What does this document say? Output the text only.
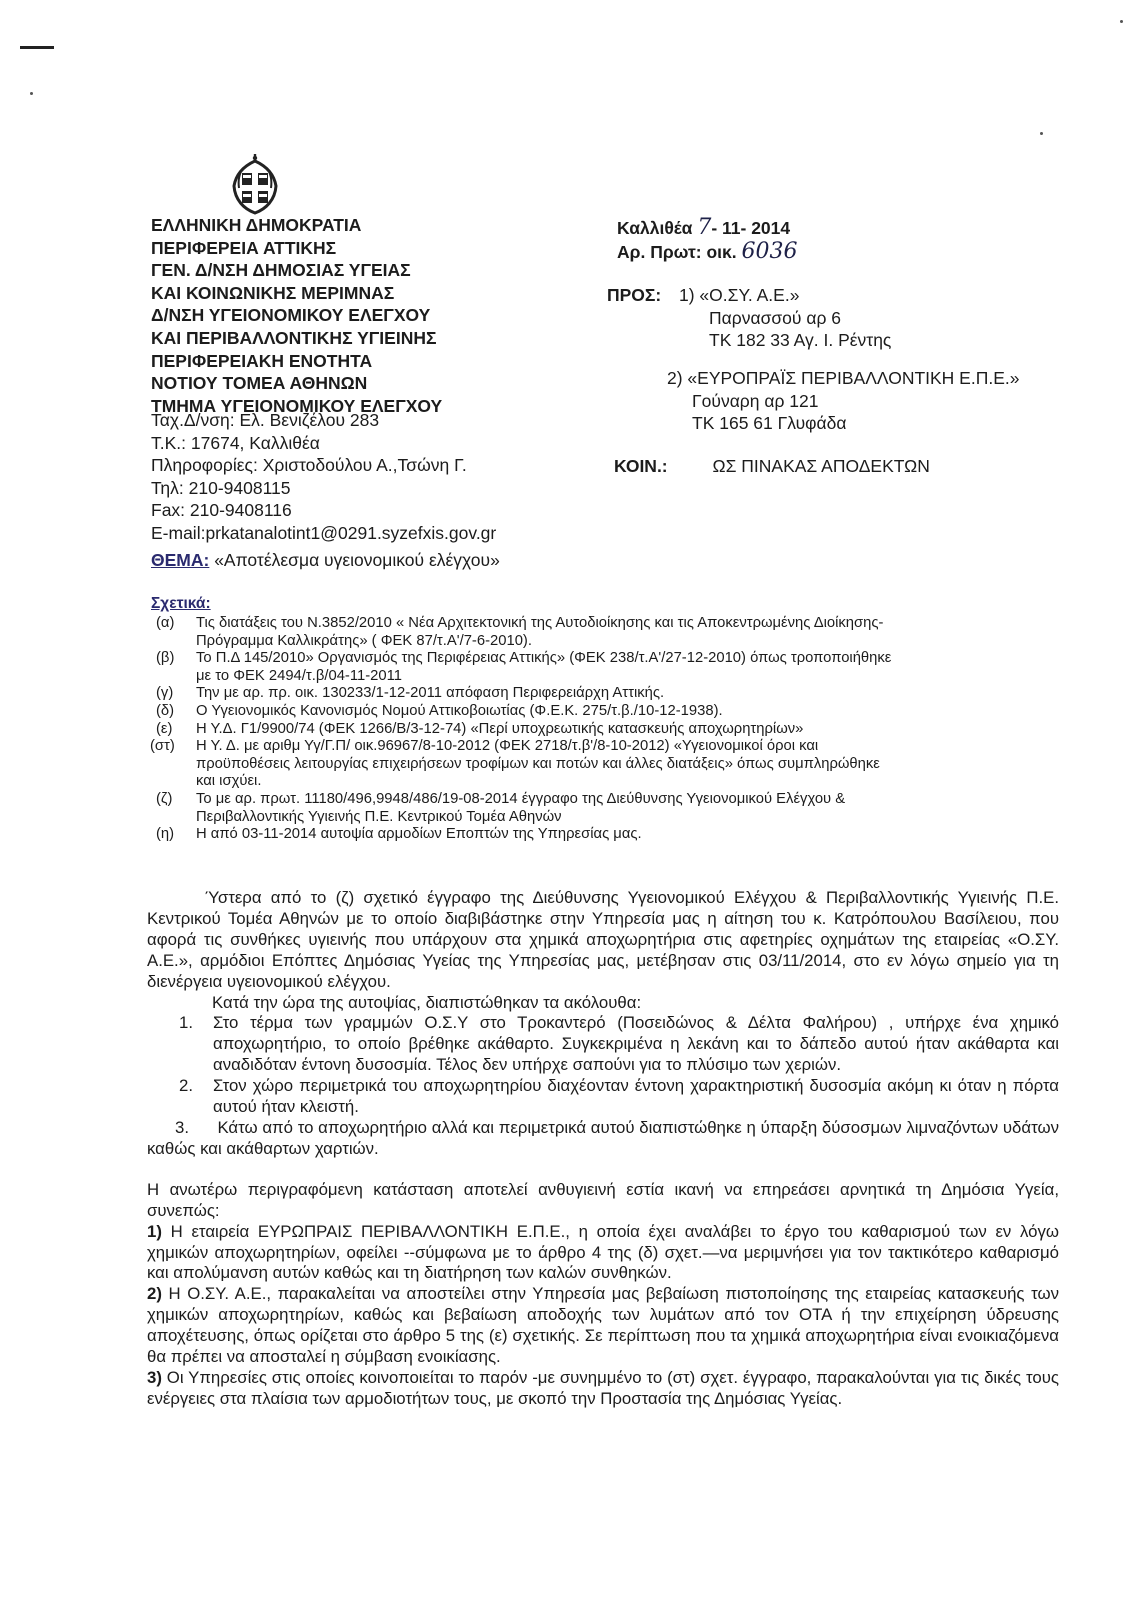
ΕΛΛΗΝΙΚΗ ΔΗΜΟΚΡΑΤΙΑ
ΠΕΡΙΦΕΡΕΙΑ ΑΤΤΙΚΗΣ
ΓΕΝ. Δ/ΝΣΗ ΔΗΜΟΣΙΑΣ ΥΓΕΙΑΣ
ΚΑΙ ΚΟΙΝΩΝΙΚΗΣ ΜΕΡΙΜΝΑΣ
Δ/ΝΣΗ ΥΓΕΙΟΝΟΜΙΚΟΥ ΕΛΕΓΧΟΥ
ΚΑΙ ΠΕΡΙΒΑΛΛΟΝΤΙΚΗΣ ΥΓΙΕΙΝΗΣ
ΠΕΡΙΦΕΡΕΙΑΚΗ ΕΝΟΤΗΤΑ
ΝΟΤΙΟΥ ΤΟΜΕΑ ΑΘΗΝΩΝ
ΤΜΗΜΑ ΥΓΕΙΟΝΟΜΙΚΟΥ ΕΛΕΓΧΟΥ
Ταχ.Δ/νση: Ελ. Βενιζέλου 283
Τ.Κ.: 17674, Καλλιθέα
Πληροφορίες: Χριστοδούλου Α.,Τσώνη Γ.
Τηλ: 210-9408115
Fax: 210-9408116
E-mail:prkatanalotint1@0291.syzefxis.gov.gr
ΘΕΜΑ: «Αποτέλεσμα υγειονομικού ελέγχου»
Καλλιθέα 7- 11- 2014
Αρ. Πρωτ: οικ. 6036
ΠΡΟΣ: 1) «Ο.ΣΥ. Α.Ε.»
Παρνασσού αρ 6
ΤΚ 182 33 Αγ. Ι. Ρέντης
2) «ΕΥΡΟΠΡΑΪΣ ΠΕΡΙΒΑΛΛΟΝΤΙΚΗ Ε.Π.Ε.»
Γούναρη αρ 121
ΤΚ 165 61 Γλυφάδα
ΚΟΙΝ.:	ΩΣ ΠΙΝΑΚΑΣ ΑΠΟΔΕΚΤΩΝ
Σχετικά:
(α) Τις διατάξεις του Ν.3852/2010 « Νέα Αρχιτεκτονική της Αυτοδιοίκησης και τις Αποκεντρωμένης Διοίκησης-
Πρόγραμμα Καλλικράτης» ( ΦΕΚ 87/τ.Α'/7-6-2010).
(β) Το Π.Δ 145/2010» Οργανισμός της Περιφέρειας Αττικής» (ΦΕΚ 238/τ.Α'/27-12-2010) όπως τροποποιήθηκε
με το ΦΕΚ 2494/τ.β/04-11-2011
(γ) Την με αρ. πρ. οικ. 130233/1-12-2011 απόφαση Περιφερειάρχη Αττικής.
(δ) Ο Υγειονομικός Κανονισμός Νομού Αττικοβοιωτίας (Φ.Ε.Κ. 275/τ.β./10-12-1938).
(ε) Η Υ.Δ. Γ1/9900/74 (ΦΕΚ 1266/Β/3-12-74) «Περί υποχρεωτικής κατασκευής αποχωρητηρίων»
(στ) Η Υ. Δ. με αριθμ Υγ/Γ.Π/ οικ.96967/8-10-2012 (ΦΕΚ 2718/τ.β'/8-10-2012) «Υγειονομικοί όροι και
προϋποθέσεις λειτουργίας επιχειρήσεων τροφίμων και ποτών και άλλες διατάξεις» όπως συμπληρώθηκε
και ισχύει.
(ζ) Το με αρ. πρωτ. 11180/496,9948/486/19-08-2014 έγγραφο της Διεύθυνσης Υγειονομικού Ελέγχου &
Περιβαλλοντικής Υγιεινής Π.Ε. Κεντρικού Τομέα Αθηνών
(η) Η από 03-11-2014 αυτοψία αρμοδίων Εποπτών της Υπηρεσίας μας.

Ύστερα από το (ζ) σχετικό έγγραφο της Διεύθυνσης Υγειονομικού Ελέγχου & Περιβαλλοντικής Υγιεινής Π.Ε. Κεντρικού Τομέα Αθηνών με το οποίο διαβιβάστηκε στην Υπηρεσία μας η αίτηση του κ. Κατρόπουλου Βασίλειου, που αφορά τις συνθήκες υγιεινής που υπάρχουν στα χημικά αποχωρητήρια στις αφετηρίες οχημάτων της εταιρείας «Ο.ΣΥ. Α.Ε.», αρμόδιοι Επόπτες Δημόσιας Υγείας της Υπηρεσίας μας, μετέβησαν στις 03/11/2014, στο εν λόγω σημείο για τη διενέργεια υγειονομικού ελέγχου.

Κατά την ώρα της αυτοψίας, διαπιστώθηκαν τα ακόλουθα:

1. Στο τέρμα των γραμμών Ο.Σ.Υ στο Τροκαντερό (Ποσειδώνος & Δέλτα Φαλήρου) , υπήρχε ένα χημικό αποχωρητήριο, το οποίο βρέθηκε ακάθαρτο. Συγκεκριμένα η λεκάνη και το δάπεδο αυτού ήταν ακάθαρτα και αναδιδόταν έντονη δυσοσμία. Τέλος δεν υπήρχε σαπούνι για το πλύσιμο των χεριών.
2. Στον χώρο περιμετρικά του αποχωρητηρίου διαχέονταν έντονη χαρακτηριστική δυσοσμία ακόμη κι όταν η πόρτα αυτού ήταν κλειστή.

3. Κάτω από το αποχωρητήριο αλλά και περιμετρικά αυτού διαπιστώθηκε η ύπαρξη δύσοσμων λιμναζόντων υδάτων καθώς και ακάθαρτων χαρτιών.

Η ανωτέρω περιγραφόμενη κατάσταση αποτελεί ανθυγιεινή εστία ικανή να επηρεάσει αρνητικά τη Δημόσια Υγεία, συνεπώς:

1) Η εταιρεία ΕΥΡΩΠΡΑΙΣ ΠΕΡΙΒΑΛΛΟΝΤΙΚΗ Ε.Π.Ε., η οποία έχει αναλάβει το έργο του καθαρισμού των εν λόγω χημικών αποχωρητηρίων, οφείλει --σύμφωνα με το άρθρο 4 της (δ) σχετ.—να μεριμνήσει για τον τακτικότερο καθαρισμό και απολύμανση αυτών καθώς και τη διατήρηση των καλών συνθηκών.

2) Η Ο.ΣΥ. Α.Ε., παρακαλείται να αποστείλει στην Υπηρεσία μας βεβαίωση πιστοποίησης της εταιρείας κατασκευής των χημικών αποχωρητηρίων, καθώς και βεβαίωση αποδοχής των λυμάτων από τον ΟΤΑ ή την επιχείρηση ύδρευσης αποχέτευσης, όπως ορίζεται στο άρθρο 5 της (ε) σχετικής. Σε περίπτωση που τα χημικά αποχωρητήρια είναι ενοικιαζόμενα θα πρέπει να αποσταλεί η σύμβαση ενοικίασης.

3) Οι Υπηρεσίες στις οποίες κοινοποιείται το παρόν -με συνημμένο το (στ) σχετ. έγγραφο, παρακαλούνται για τις δικές τους ενέργειες στα πλαίσια των αρμοδιοτήτων τους, με σκοπό την Προστασία της Δημόσιας Υγείας.
